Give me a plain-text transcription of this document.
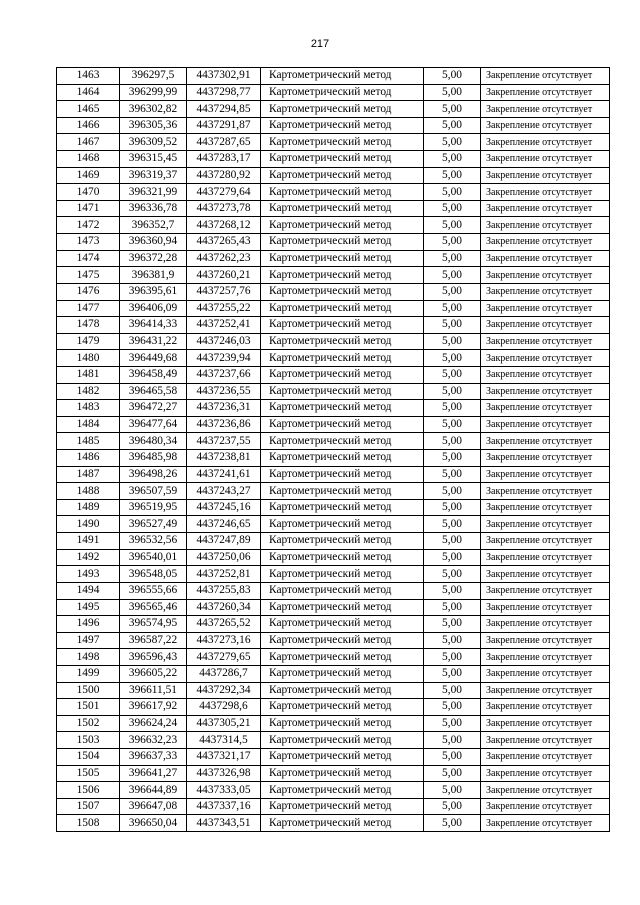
217
1463	396297,5	4437302,91	Картометрический метод	5,00	Закрепление отсутствует
1464	396299,99	4437298,77	Картометрический метод	5,00	Закрепление отсутствует
1465	396302,82	4437294,85	Картометрический метод	5,00	Закрепление отсутствует
1466	396305,36	4437291,87	Картометрический метод	5,00	Закрепление отсутствует
1467	396309,52	4437287,65	Картометрический метод	5,00	Закрепление отсутствует
1468	396315,45	4437283,17	Картометрический метод	5,00	Закрепление отсутствует
1469	396319,37	4437280,92	Картометрический метод	5,00	Закрепление отсутствует
1470	396321,99	4437279,64	Картометрический метод	5,00	Закрепление отсутствует
1471	396336,78	4437273,78	Картометрический метод	5,00	Закрепление отсутствует
1472	396352,7	4437268,12	Картометрический метод	5,00	Закрепление отсутствует
1473	396360,94	4437265,43	Картометрический метод	5,00	Закрепление отсутствует
1474	396372,28	4437262,23	Картометрический метод	5,00	Закрепление отсутствует
1475	396381,9	4437260,21	Картометрический метод	5,00	Закрепление отсутствует
1476	396395,61	4437257,76	Картометрический метод	5,00	Закрепление отсутствует
1477	396406,09	4437255,22	Картометрический метод	5,00	Закрепление отсутствует
1478	396414,33	4437252,41	Картометрический метод	5,00	Закрепление отсутствует
1479	396431,22	4437246,03	Картометрический метод	5,00	Закрепление отсутствует
1480	396449,68	4437239,94	Картометрический метод	5,00	Закрепление отсутствует
1481	396458,49	4437237,66	Картометрический метод	5,00	Закрепление отсутствует
1482	396465,58	4437236,55	Картометрический метод	5,00	Закрепление отсутствует
1483	396472,27	4437236,31	Картометрический метод	5,00	Закрепление отсутствует
1484	396477,64	4437236,86	Картометрический метод	5,00	Закрепление отсутствует
1485	396480,34	4437237,55	Картометрический метод	5,00	Закрепление отсутствует
1486	396485,98	4437238,81	Картометрический метод	5,00	Закрепление отсутствует
1487	396498,26	4437241,61	Картометрический метод	5,00	Закрепление отсутствует
1488	396507,59	4437243,27	Картометрический метод	5,00	Закрепление отсутствует
1489	396519,95	4437245,16	Картометрический метод	5,00	Закрепление отсутствует
1490	396527,49	4437246,65	Картометрический метод	5,00	Закрепление отсутствует
1491	396532,56	4437247,89	Картометрический метод	5,00	Закрепление отсутствует
1492	396540,01	4437250,06	Картометрический метод	5,00	Закрепление отсутствует
1493	396548,05	4437252,81	Картометрический метод	5,00	Закрепление отсутствует
1494	396555,66	4437255,83	Картометрический метод	5,00	Закрепление отсутствует
1495	396565,46	4437260,34	Картометрический метод	5,00	Закрепление отсутствует
1496	396574,95	4437265,52	Картометрический метод	5,00	Закрепление отсутствует
1497	396587,22	4437273,16	Картометрический метод	5,00	Закрепление отсутствует
1498	396596,43	4437279,65	Картометрический метод	5,00	Закрепление отсутствует
1499	396605,22	4437286,7	Картометрический метод	5,00	Закрепление отсутствует
1500	396611,51	4437292,34	Картометрический метод	5,00	Закрепление отсутствует
1501	396617,92	4437298,6	Картометрический метод	5,00	Закрепление отсутствует
1502	396624,24	4437305,21	Картометрический метод	5,00	Закрепление отсутствует
1503	396632,23	4437314,5	Картометрический метод	5,00	Закрепление отсутствует
1504	396637,33	4437321,17	Картометрический метод	5,00	Закрепление отсутствует
1505	396641,27	4437326,98	Картометрический метод	5,00	Закрепление отсутствует
1506	396644,89	4437333,05	Картометрический метод	5,00	Закрепление отсутствует
1507	396647,08	4437337,16	Картометрический метод	5,00	Закрепление отсутствует
1508	396650,04	4437343,51	Картометрический метод	5,00	Закрепление отсутствует
